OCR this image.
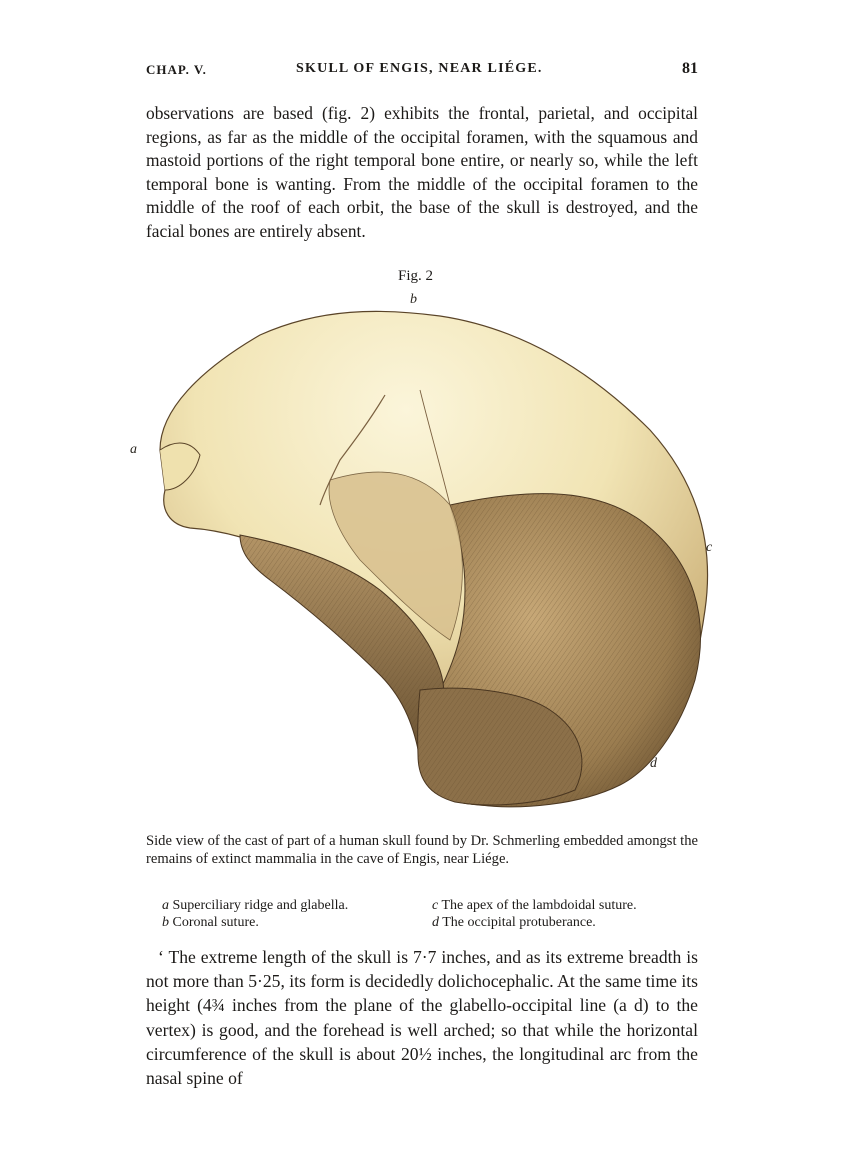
CHAP. V.	SKULL OF ENGIS, NEAR LIÉGE.	81
observations are based (fig. 2) exhibits the frontal, parietal, and occipital regions, as far as the middle of the occipital foramen, with the squamous and mastoid portions of the right temporal bone entire, or nearly so, while the left temporal bone is wanting. From the middle of the occipital foramen to the middle of the roof of each orbit, the base of the skull is destroyed, and the facial bones are entirely absent.
Fig. 2
b
a
c
d
Side view of the cast of part of a human skull found by Dr. Schmerling embedded amongst the remains of extinct mammalia in the cave of Engis, near Liége.
a Superciliary ridge and glabella.
b Coronal suture.
c The apex of the lambdoidal suture.
d The occipital protuberance.
‘ The extreme length of the skull is 7·7 inches, and as its extreme breadth is not more than 5·25, its form is decidedly dolichocephalic. At the same time its height (4¾ inches from the plane of the glabello-occipital line (a d) to the vertex) is good, and the forehead is well arched; so that while the horizontal circumference of the skull is about 20½ inches, the longitudinal arc from the nasal spine of
